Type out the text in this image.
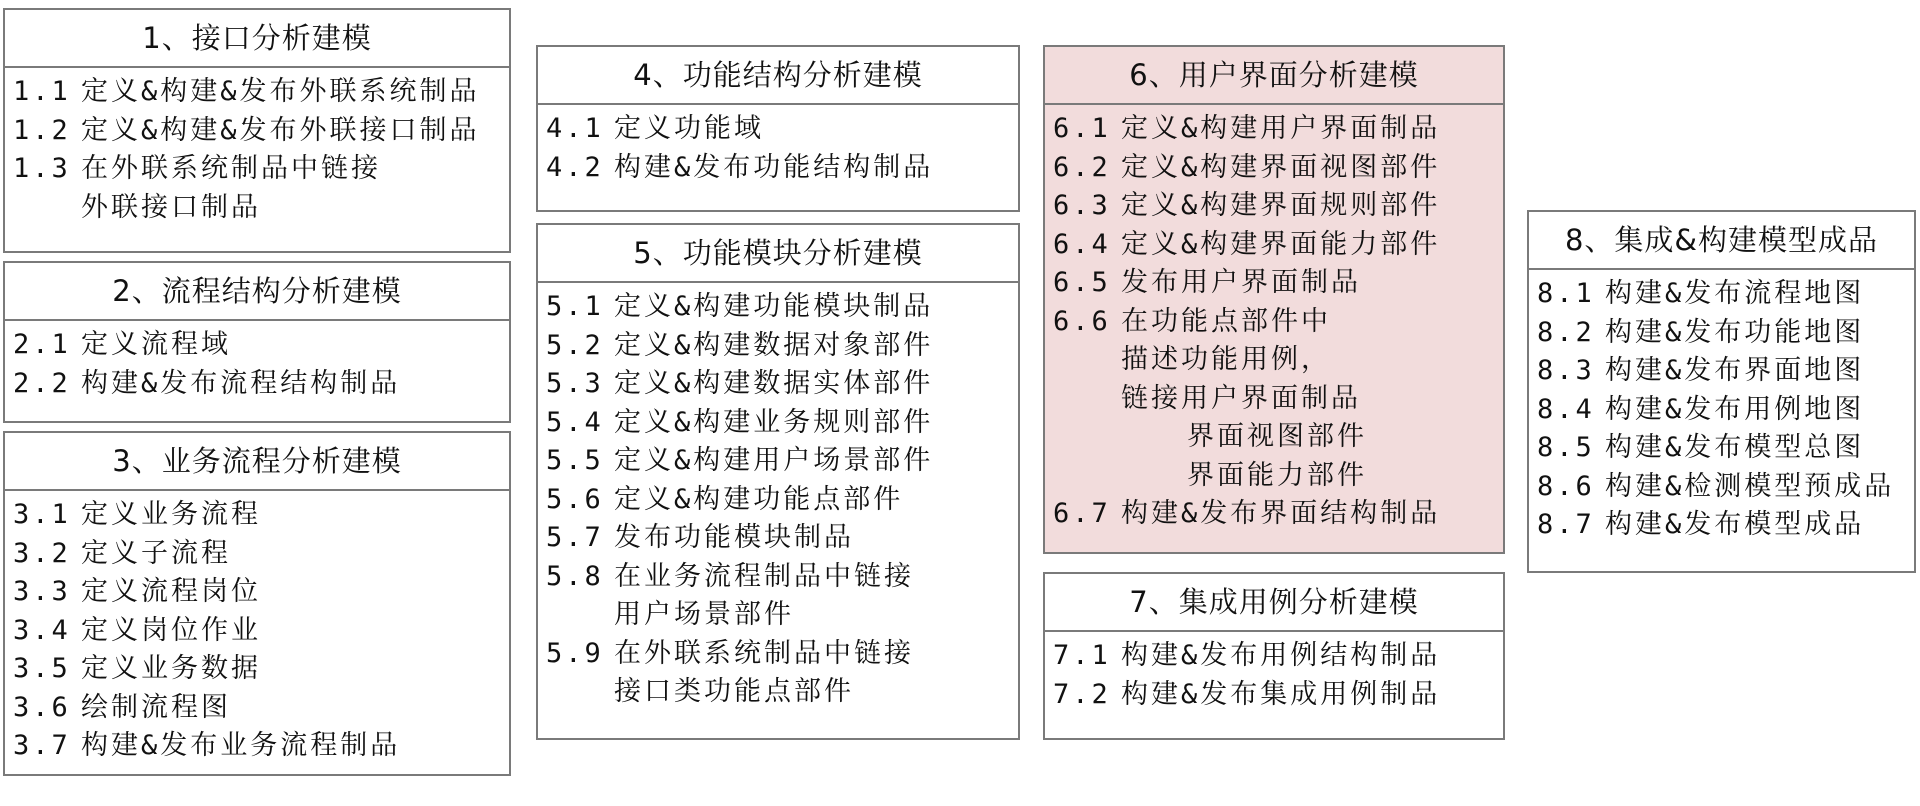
1、接口分析建模
1.1 定义&构建&发布外联系统制品
1.2 定义&构建&发布外联接口制品
1.3 在外联系统制品中链接
外联接口制品
2、流程结构分析建模
2.1 定义流程域
2.2 构建&发布流程结构制品
3、业务流程分析建模
3.1 定义业务流程
3.2 定义子流程
3.3 定义流程岗位
3.4 定义岗位作业
3.5 定义业务数据
3.6 绘制流程图
3.7 构建&发布业务流程制品
4、功能结构分析建模
4.1 定义功能域
4.2 构建&发布功能结构制品
5、功能模块分析建模
5.1 定义&构建功能模块制品
5.2 定义&构建数据对象部件
5.3 定义&构建数据实体部件
5.4 定义&构建业务规则部件
5.5 定义&构建用户场景部件
5.6 定义&构建功能点部件
5.7 发布功能模块制品
5.8 在业务流程制品中链接
用户场景部件
5.9 在外联系统制品中链接
接口类功能点部件
6、用户界面分析建模
6.1 定义&构建用户界面制品
6.2 定义&构建界面视图部件
6.3 定义&构建界面规则部件
6.4 定义&构建界面能力部件
6.5 发布用户界面制品
6.6 在功能点部件中
描述功能用例，
链接用户界面制品
界面视图部件
界面能力部件
6.7 构建&发布界面结构制品
7、集成用例分析建模
7.1 构建&发布用例结构制品
7.2 构建&发布集成用例制品
8、集成&构建模型成品
8.1 构建&发布流程地图
8.2 构建&发布功能地图
8.3 构建&发布界面地图
8.4 构建&发布用例地图
8.5 构建&发布模型总图
8.6 构建&检测模型预成品
8.7 构建&发布模型成品
